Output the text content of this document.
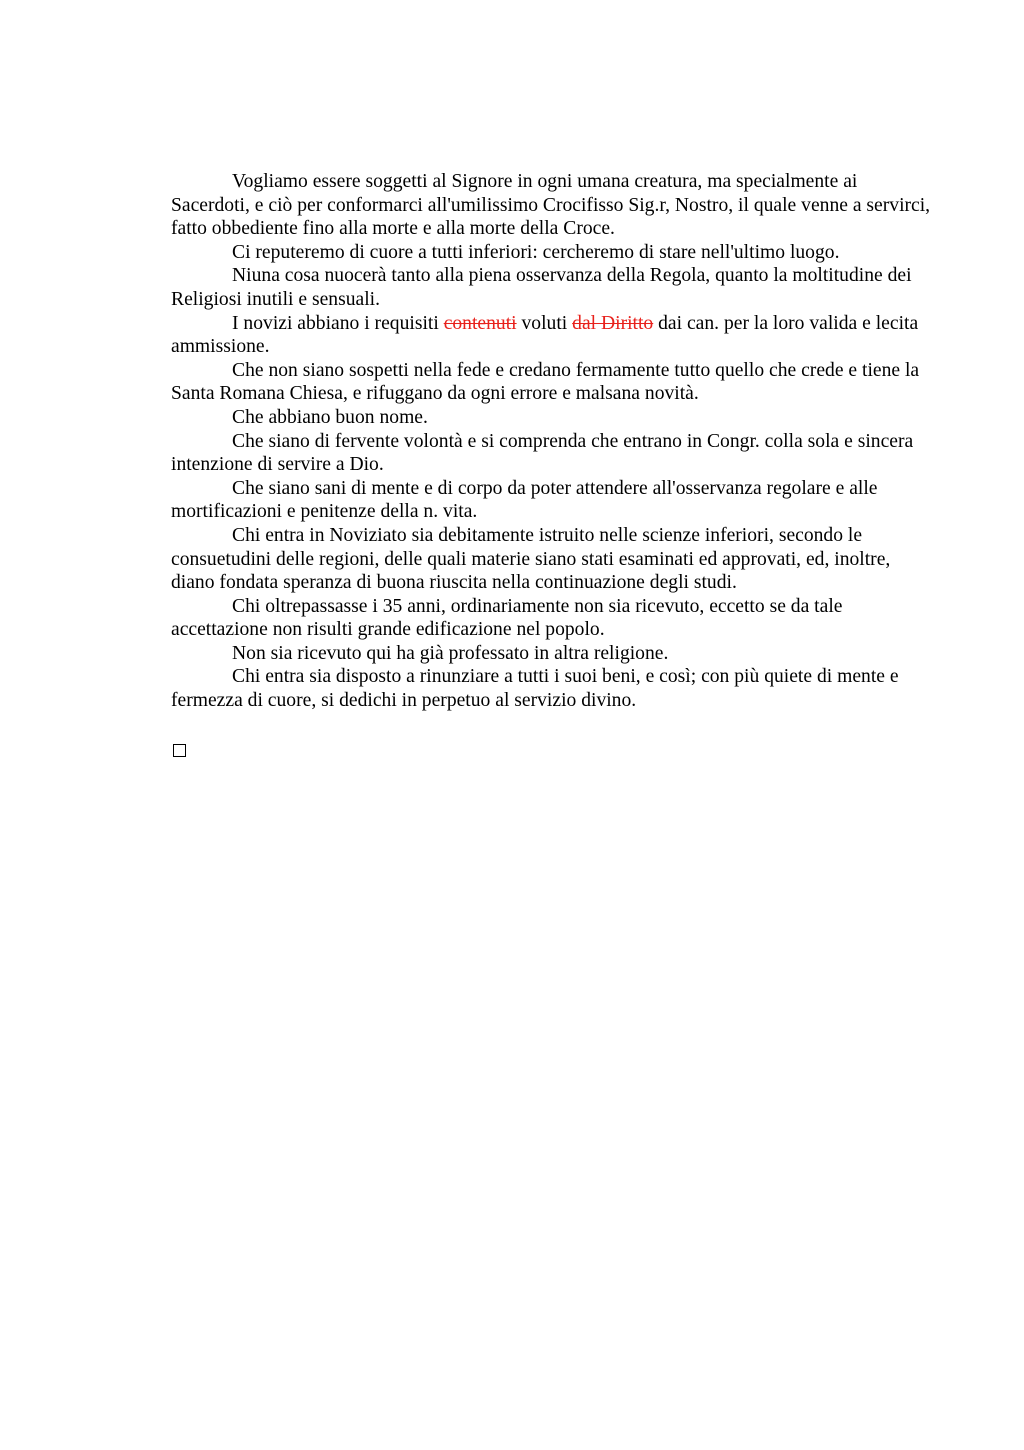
Vogliamo essere soggetti al Signore in ogni umana creatura, ma specialmente ai Sacerdoti, e ciò per conformarci all'umilissimo Crocifisso Sig.r, Nostro, il quale venne a servirci, fatto obbediente fino alla morte e alla morte della Croce.

Ci reputeremo di cuore a tutti inferiori: cercheremo di stare nell'ultimo luogo.

Niuna cosa nuocerà tanto alla piena osservanza della Regola, quanto la moltitudine dei Religiosi inutili e sensuali.

I novizi abbiano i requisiti contenuti voluti dal Diritto dai can. per la loro valida e lecita ammissione.

Che non siano sospetti nella fede e credano fermamente tutto quello che crede e tiene la Santa Romana Chiesa, e rifuggano da ogni errore e malsana novità.

Che abbiano buon nome.

Che siano di fervente volontà e si comprenda che entrano in Congr. colla sola e sincera intenzione di servire a Dio.

Che siano sani di mente e di corpo da poter attendere all'osservanza regolare e alle mortificazioni e penitenze della n. vita.

Chi entra in Noviziato sia debitamente istruito nelle scienze inferiori, secondo le consuetudini delle regioni, delle quali materie siano stati esaminati ed approvati, ed, inoltre, diano fondata speranza di buona riuscita nella continuazione degli studi.

Chi oltrepassasse i 35 anni, ordinariamente non sia ricevuto, eccetto se da tale accettazione non risulti grande edificazione nel popolo.

Non sia ricevuto qui ha già professato in altra religione.

Chi entra sia disposto a rinunziare a tutti i suoi beni, e così; con più quiete di mente e fermezza di cuore, si dedichi in perpetuo al servizio divino.
